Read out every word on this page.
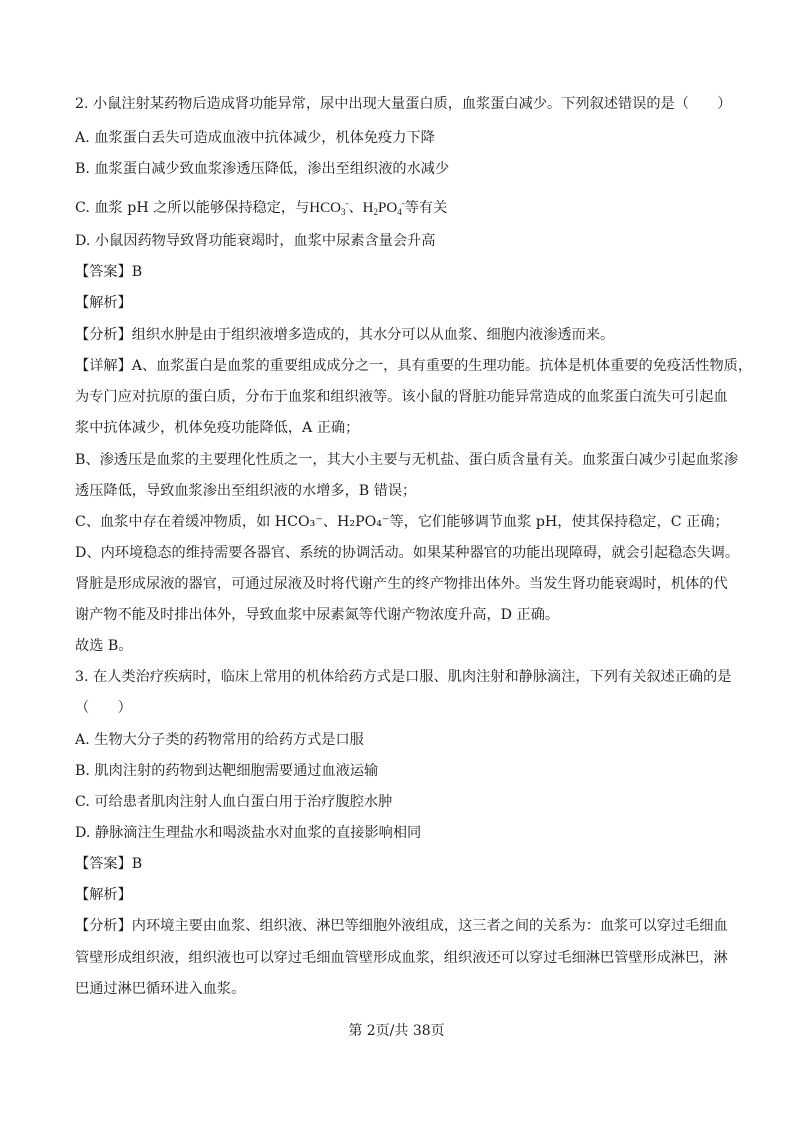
2. 小鼠注射某药物后造成肾功能异常，尿中出现大量蛋白质，血浆蛋白减少。下列叙述错误的是（　　）
A. 血浆蛋白丢失可造成血液中抗体减少，机体免疫力下降
B. 血浆蛋白减少致血浆渗透压降低，渗出至组织液的水减少
C. 血浆 pH 之所以能够保持稳定，与$HCO_3^-$、$H_2PO_4^-$等有关
D. 小鼠因药物导致肾功能衰竭时，血浆中尿素含量会升高
【答案】B
【解析】
【分析】组织水肿是由于组织液增多造成的，其水分可以从血浆、细胞内液渗透而来。
【详解】A、血浆蛋白是血浆的重要组成成分之一，具有重要的生理功能。抗体是机体重要的免疫活性物质，
为专门应对抗原的蛋白质，分布于血浆和组织液等。该小鼠的肾脏功能异常造成的血浆蛋白流失可引起血
浆中抗体减少，机体免疫功能降低，A 正确；
B、渗透压是血浆的主要理化性质之一，其大小主要与无机盐、蛋白质含量有关。血浆蛋白减少引起血浆渗
透压降低，导致血浆渗出至组织液的水增多，B 错误；
C、血浆中存在着缓冲物质，如 HCO₃⁻、H₂PO₄⁻等，它们能够调节血浆 pH，使其保持稳定，C 正确；
D、内环境稳态的维持需要各器官、系统的协调活动。如果某种器官的功能出现障碍，就会引起稳态失调。
肾脏是形成尿液的器官，可通过尿液及时将代谢产生的终产物排出体外。当发生肾功能衰竭时，机体的代
谢产物不能及时排出体外，导致血浆中尿素氮等代谢产物浓度升高，D 正确。
故选 B。
3. 在人类治疗疾病时，临床上常用的机体给药方式是口服、肌肉注射和静脉滴注，下列有关叙述正确的是
（　　）
A. 生物大分子类的药物常用的给药方式是口服
B. 肌肉注射的药物到达靶细胞需要通过血液运输
C. 可给患者肌肉注射人血白蛋白用于治疗腹腔水肿
D. 静脉滴注生理盐水和喝淡盐水对血浆的直接影响相同
【答案】B
【解析】
【分析】内环境主要由血浆、组织液、淋巴等细胞外液组成，这三者之间的关系为：血浆可以穿过毛细血
管壁形成组织液，组织液也可以穿过毛细血管壁形成血浆，组织液还可以穿过毛细淋巴管壁形成淋巴，淋
巴通过淋巴循环进入血浆。
第 2页/共 38页
